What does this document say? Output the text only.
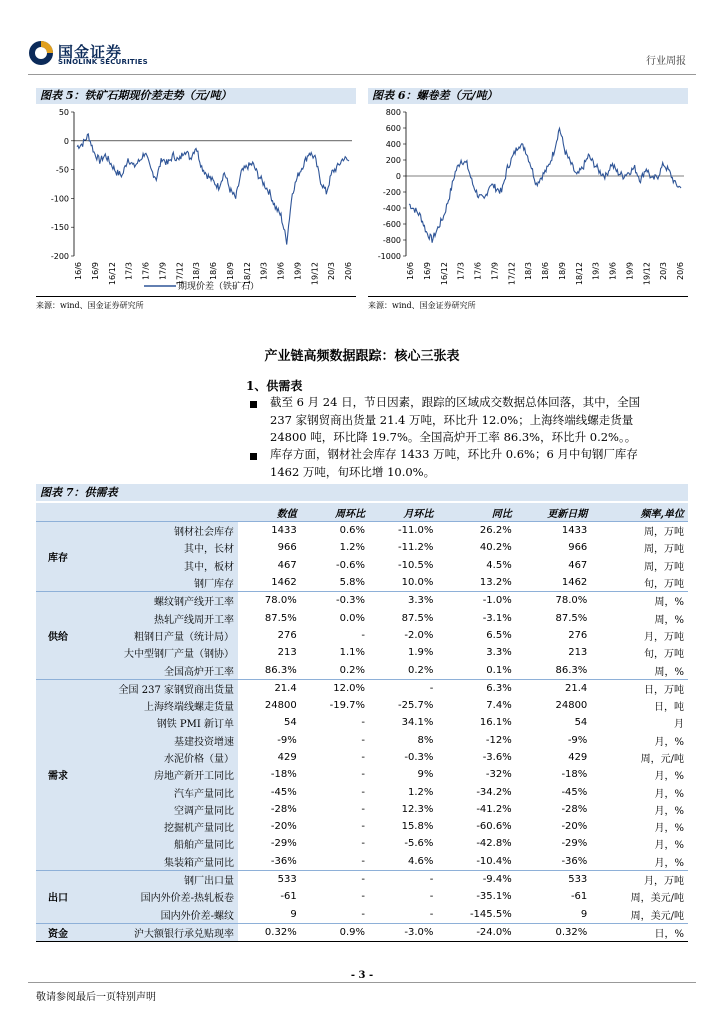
国金证券
SINOLINK SECURITIES	行业周报
图表 5：铁矿石期现价差走势（元/吨）
50
0
-50
-100
-150
-200
16/6 16/9 16/12 17/3 17/6 17/9 17/12 18/3 18/6 18/9 18/12 19/3 19/6 19/9 19/12 20/3 20/6
期现价差（铁矿石）
来源：wind、国金证券研究所
图表 6：螺卷差（元/吨）
800
600
400
200
0
-200
-400
-600
-800
-1000
16/6 16/9 16/12 17/3 17/6 17/9 17/12 18/3 18/6 18/9 18/12 19/3 19/6 19/9 19/12 20/3 20/6
来源：wind、国金证券研究所
产业链高频数据跟踪：核心三张表
1、供需表
截至 6 月 24 日，节日因素，跟踪的区域成交数据总体回落，其中，全国
237 家钢贸商出货量 21.4 万吨，环比升 12.0%；上海终端线螺走货量
24800 吨，环比降 19.7%。全国高炉开工率 86.3%，环比升 0.2%。。
库存方面，钢材社会库存 1433 万吨，环比升 0.6%；6 月中旬钢厂库存
1462 万吨，旬环比增 10.0%。
图表 7：供需表
		数值	周环比	月环比	同比	更新日期	频率,单位
库存	钢材社会库存	1433	0.6%	-11.0%	26.2%	1433	周，万吨
	其中，长材	966	1.2%	-11.2%	40.2%	966	周，万吨
	其中，板材	467	-0.6%	-10.5%	4.5%	467	周，万吨
	钢厂库存	1462	5.8%	10.0%	13.2%	1462	旬，万吨
供给	螺纹钢产线开工率	78.0%	-0.3%	3.3%	-1.0%	78.0%	周，%
	热轧产线周开工率	87.5%	0.0%	87.5%	-3.1%	87.5%	周，%
	粗钢日产量（统计局）	276	-	-2.0%	6.5%	276	月，万吨
	大中型钢厂产量（钢协）	213	1.1%	1.9%	3.3%	213	旬，万吨
	全国高炉开工率	86.3%	0.2%	0.2%	0.1%	86.3%	周，%
需求	全国 237 家钢贸商出货量	21.4	12.0%	-	6.3%	21.4	日，万吨
	上海终端线螺走货量	24800	-19.7%	-25.7%	7.4%	24800	日，吨
	钢铁 PMI 新订单	54	-	34.1%	16.1%	54	月
	基建投资增速	-9%	-	8%	-12%	-9%	月，%
	水泥价格（量）	429	-	-0.3%	-3.6%	429	周，元/吨
	房地产新开工同比	-18%	-	9%	-32%	-18%	月，%
	汽车产量同比	-45%	-	1.2%	-34.2%	-45%	月，%
	空调产量同比	-28%	-	12.3%	-41.2%	-28%	月，%
	挖掘机产量同比	-20%	-	15.8%	-60.6%	-20%	月，%
	船舶产量同比	-29%	-	-5.6%	-42.8%	-29%	月，%
	集装箱产量同比	-36%	-	4.6%	-10.4%	-36%	月，%
出口	钢厂出口量	533	-	-	-9.4%	533	月，万吨
	国内外价差-热轧板卷	-61	-	-	-35.1%	-61	周，美元/吨
	国内外价差-螺纹	9	-	-	-145.5%	9	周，美元/吨
资金	沪大额银行承兑贴现率	0.32%	0.9%	-3.0%	-24.0%	0.32%	日，%
- 3 -
敬请参阅最后一页特别声明
